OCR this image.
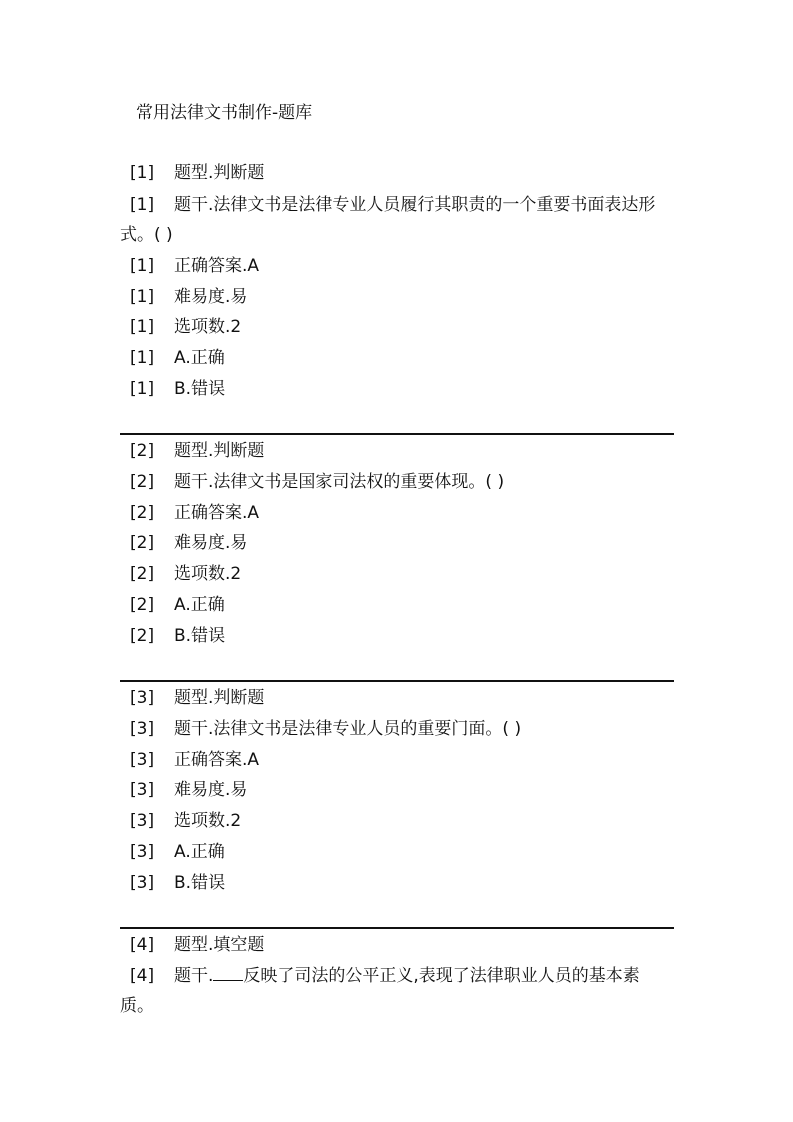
常用法律文书制作-题库
[1] 题型.判断题
[1] 题干.法律文书是法律专业人员履行其职责的一个重要书面表达形式。( )
[1] 正确答案.A
[1] 难易度.易
[1] 选项数.2
[1] A.正确
[1] B.错误
[2] 题型.判断题
[2] 题干.法律文书是国家司法权的重要体现。( )
[2] 正确答案.A
[2] 难易度.易
[2] 选项数.2
[2] A.正确
[2] B.错误
[3] 题型.判断题
[3] 题干.法律文书是法律专业人员的重要门面。( )
[3] 正确答案.A
[3] 难易度.易
[3] 选项数.2
[3] A.正确
[3] B.错误
[4] 题型.填空题
[4] 题干. 反映了司法的公平正义,表现了法律职业人员的基本素质。
